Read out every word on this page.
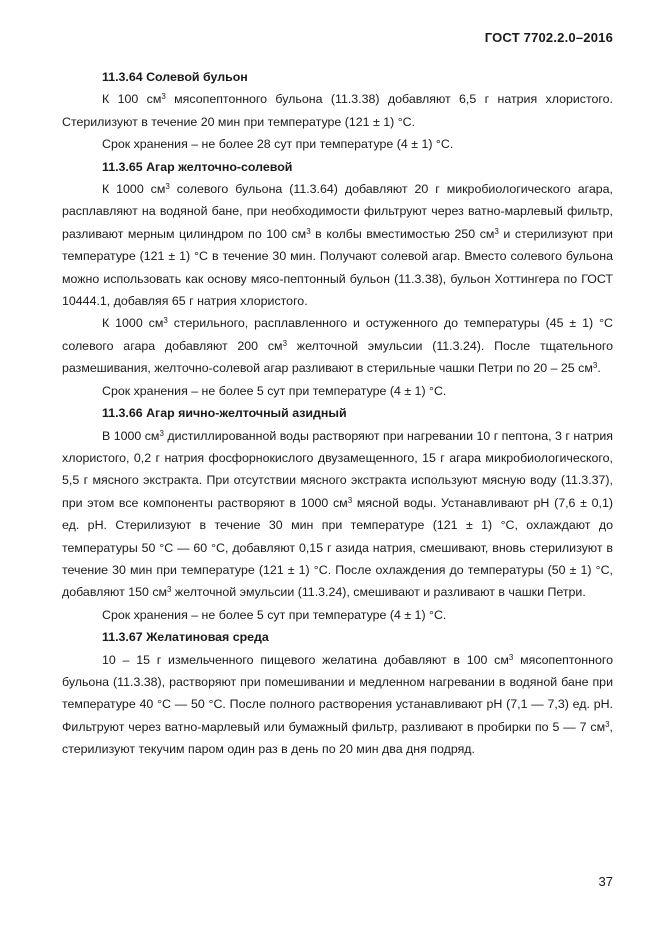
ГОСТ 7702.2.0–2016
11.3.64 Солевой бульон

К 100 $см^3$ мясопептонного бульона (11.3.38) добавляют 6,5 г натрия хлористого. Стерилизуют в течение 20 мин при температуре (121 ± 1) °С.

Срок хранения – не более 28 сут при температуре (4 ± 1) °С.

11.3.65 Агар желточно-солевой

К 1000 $см^3$ солевого бульона (11.3.64) добавляют 20 г микробиологического агара, расплавляют на водяной бане, при необходимости фильтруют через ватно-марлевый фильтр, разливают мерным цилиндром по 100 $см^3$ в колбы вместимостью 250 $см^3$ и стерилизуют при температуре (121 ± 1) °С в течение 30 мин. Получают солевой агар. Вместо солевого бульона можно использовать как основу мясо-пептонный бульон (11.3.38), бульон Хоттингера по ГОСТ 10444.1, добавляя 65 г натрия хлористого.

К 1000 $см^3$ стерильного, расплавленного и остуженного до температуры (45 ± 1) °С солевого агара добавляют 200 $см^3$ желточной эмульсии (11.3.24). После тщательного размешивания, желточно-солевой агар разливают в стерильные чашки Петри по 20 – 25 $см^3$.

Срок хранения – не более 5 сут при температуре (4 ± 1) °С.

11.3.66 Агар яично-желточный азидный

В 1000 $см^3$ дистиллированной воды растворяют при нагревании 10 г пептона, 3 г натрия хлористого, 0,2 г натрия фосфорнокислого двузамещенного, 15 г агара микробиологического, 5,5 г мясного экстракта. При отсутствии мясного экстракта используют мясную воду (11.3.37), при этом все компоненты растворяют в 1000 $см^3$ мясной воды. Устанавливают рН (7,6 ± 0,1) ед. рН. Стерилизуют в течение 30 мин при температуре (121 ± 1) °С, охлаждают до температуры 50 °С — 60 °С, добавляют 0,15 г азида натрия, смешивают, вновь стерилизуют в течение 30 мин при температуре (121 ± 1) °С. После охлаждения до температуры (50 ± 1) °С, добавляют 150 $см^3$ желточной эмульсии (11.3.24), смешивают и разливают в чашки Петри.

Срок хранения – не более 5 сут при температуре (4 ± 1) °С.

11.3.67 Желатиновая среда

10 – 15 г измельченного пищевого желатина добавляют в 100 $см^3$ мясопептонного бульона (11.3.38), растворяют при помешивании и медленном нагревании в водяной бане при температуре 40 °С — 50 °С. После полного растворения устанавливают рН (7,1 — 7,3) ед. рН. Фильтруют через ватно-марлевый или бумажный фильтр, разливают в пробирки по 5 — 7 $см^3$, стерилизуют текучим паром один раз в день по 20 мин два дня подряд.

37
